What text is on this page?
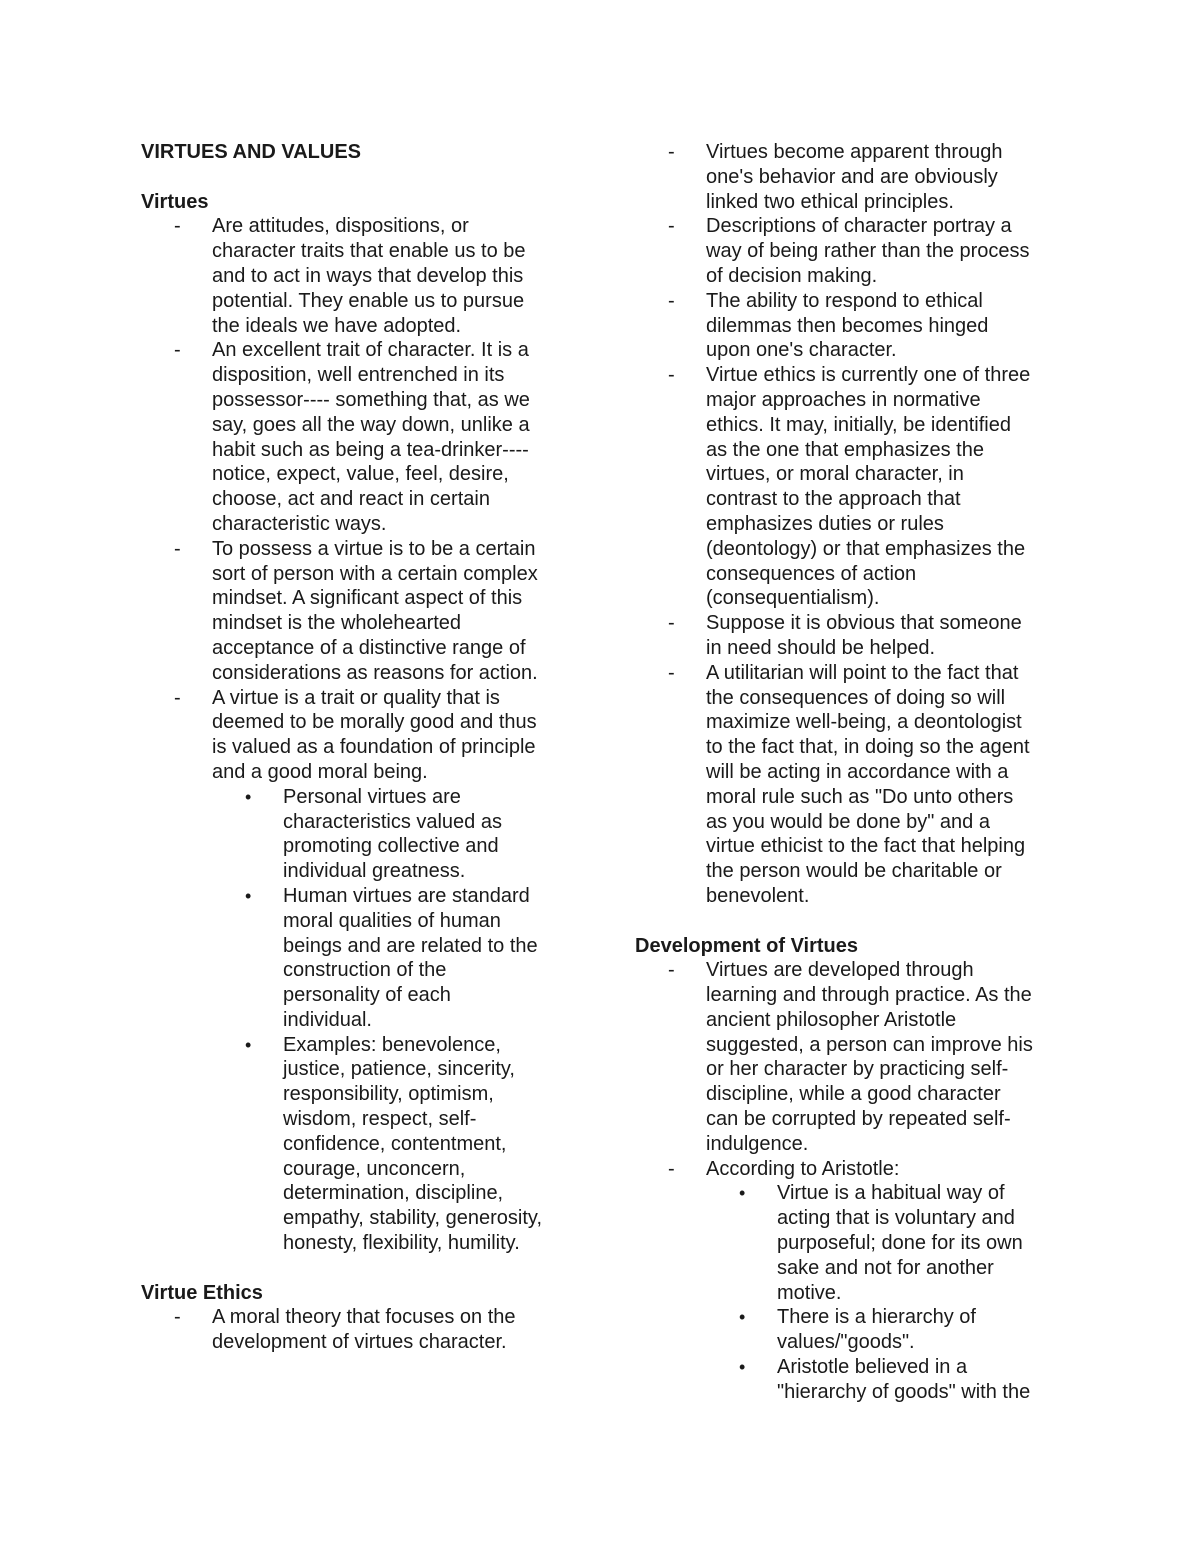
VIRTUES AND VALUES
Virtues
-	Are attitudes, dispositions, or
character traits that enable us to be
and to act in ways that develop this
potential. They enable us to pursue
the ideals we have adopted.
-	An excellent trait of character. It is a
disposition, well entrenched in its
possessor---- something that, as we
say, goes all the way down, unlike a
habit such as being a tea-drinker----
notice, expect, value, feel, desire,
choose, act and react in certain
characteristic ways.
-	To possess a virtue is to be a certain
sort of person with a certain complex
mindset. A significant aspect of this
mindset is the wholehearted
acceptance of a distinctive range of
considerations as reasons for action.
-	A virtue is a trait or quality that is
deemed to be morally good and thus
is valued as a foundation of principle
and a good moral being.
•	Personal virtues are
characteristics valued as
promoting collective and
individual greatness.
•	Human virtues are standard
moral qualities of human
beings and are related to the
construction of the
personality of each
individual.
•	Examples: benevolence,
justice, patience, sincerity,
responsibility, optimism,
wisdom, respect, self-
confidence, contentment,
courage, unconcern,
determination, discipline,
empathy, stability, generosity,
honesty, flexibility, humility.
Virtue Ethics
-	A moral theory that focuses on the
development of virtues character.
-	Virtues become apparent through
one's behavior and are obviously
linked two ethical principles.
-	Descriptions of character portray a
way of being rather than the process
of decision making.
-	The ability to respond to ethical
dilemmas then becomes hinged
upon one's character.
-	Virtue ethics is currently one of three
major approaches in normative
ethics. It may, initially, be identified
as the one that emphasizes the
virtues, or moral character, in
contrast to the approach that
emphasizes duties or rules
(deontology) or that emphasizes the
consequences of action
(consequentialism).
-	Suppose it is obvious that someone
in need should be helped.
-	A utilitarian will point to the fact that
the consequences of doing so will
maximize well-being, a deontologist
to the fact that, in doing so the agent
will be acting in accordance with a
moral rule such as "Do unto others
as you would be done by" and a
virtue ethicist to the fact that helping
the person would be charitable or
benevolent.
Development of Virtues
-	Virtues are developed through
learning and through practice. As the
ancient philosopher Aristotle
suggested, a person can improve his
or her character by practicing self-
discipline, while a good character
can be corrupted by repeated self-
indulgence.
-	According to Aristotle:
•	Virtue is a habitual way of
acting that is voluntary and
purposeful; done for its own
sake and not for another
motive.
•	There is a hierarchy of
values/"goods".
•	Aristotle believed in a
"hierarchy of goods" with the
